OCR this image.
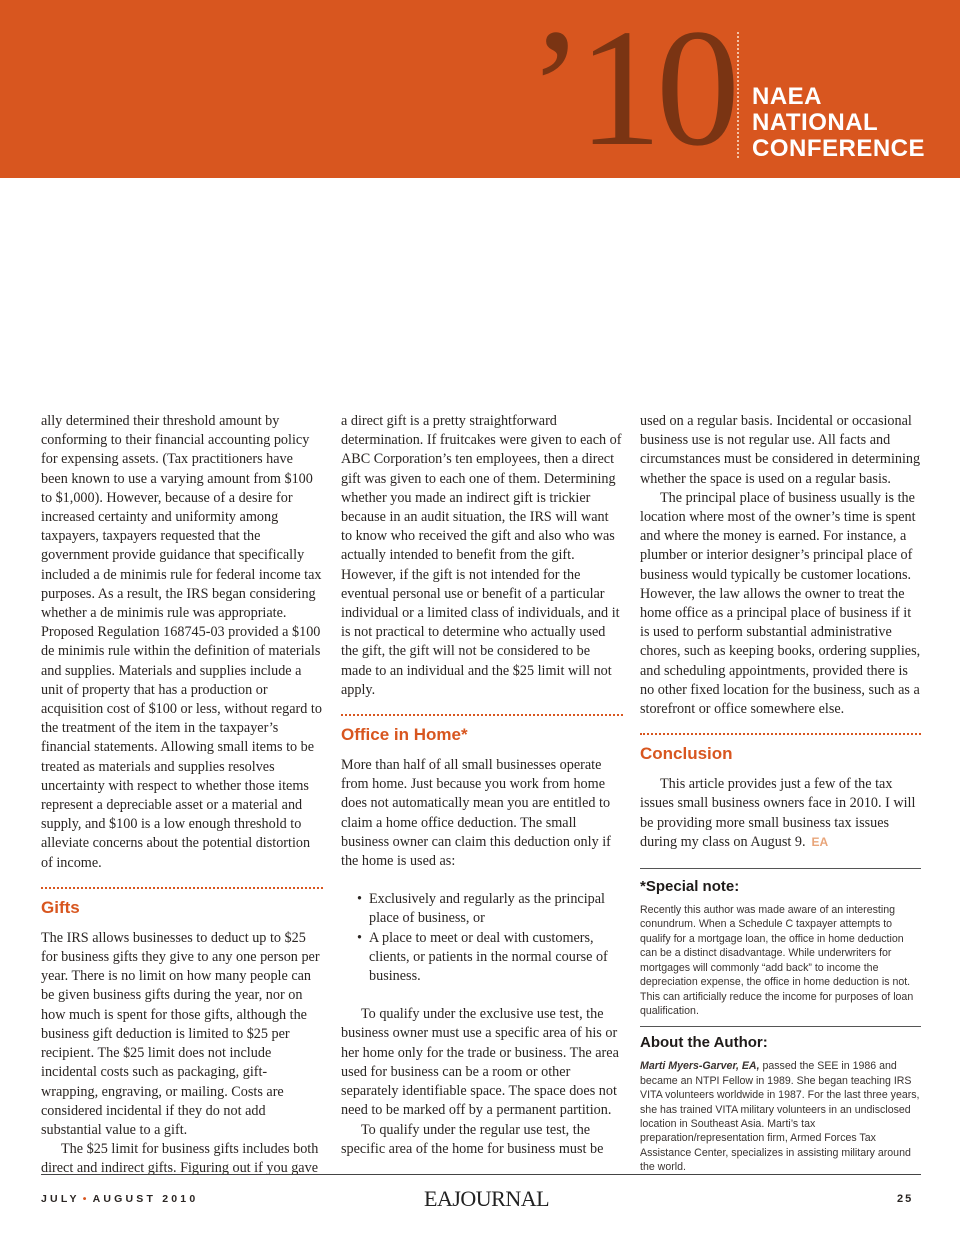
’10 NAEA
NATIONAL
CONFERENCE

ally determined their threshold amount by conforming to their financial accounting policy for expensing assets. (Tax practitioners have been known to use a varying amount from $100 to $1,000). However, because of a desire for increased certainty and uniformity among taxpayers, taxpayers requested that the government provide guidance that specifically included a de minimis rule for federal income tax purposes. As a result, the IRS began considering whether a de minimis rule was appropriate. Proposed Regulation 168745-03 provided a $100 de minimis rule within the definition of materials and supplies. Materials and supplies include a unit of property that has a production or acquisition cost of $100 or less, without regard to the treatment of the item in the taxpayer’s financial statements. Allowing small items to be treated as materials and supplies resolves uncertainty with respect to whether those items represent a depreciable asset or a material and supply, and $100 is a low enough threshold to alleviate concerns about the potential distortion of income.

Gifts

The IRS allows businesses to deduct up to $25 for business gifts they give to any one person per year. There is no limit on how many people can be given business gifts during the year, nor on how much is spent for those gifts, although the business gift deduction is limited to $25 per recipient. The $25 limit does not include incidental costs such as packaging, gift-wrapping, engraving, or mailing. Costs are considered incidental if they do not add substantial value to a gift.

The $25 limit for business gifts includes both direct and indirect gifts. Figuring out if you gave

a direct gift is a pretty straightforward determination. If fruitcakes were given to each of ABC Corporation’s ten employees, then a direct gift was given to each one of them. Determining whether you made an indirect gift is trickier because in an audit situation, the IRS will want to know who received the gift and also who was actually intended to benefit from the gift. However, if the gift is not intended for the eventual personal use or benefit of a particular individual or a limited class of individuals, and it is not practical to determine who actually used the gift, the gift will not be considered to be made to an individual and the $25 limit will not apply.

Office in Home*

More than half of all small businesses operate from home. Just because you work from home does not automatically mean you are entitled to claim a home office deduction. The small business owner can claim this deduction only if the home is used as:

• Exclusively and regularly as the principal place of business, or
• A place to meet or deal with customers, clients, or patients in the normal course of business.

To qualify under the exclusive use test, the business owner must use a specific area of his or her home only for the trade or business. The area used for business can be a room or other separately identifiable space. The space does not need to be marked off by a permanent partition.

To qualify under the regular use test, the specific area of the home for business must be

used on a regular basis. Incidental or occasional business use is not regular use. All facts and circumstances must be considered in determining whether the space is used on a regular basis.

The principal place of business usually is the location where most of the owner’s time is spent and where the money is earned. For instance, a plumber or interior designer’s principal place of business would typically be customer locations. However, the law allows the owner to treat the home office as a principal place of business if it is used to perform substantial administrative chores, such as keeping books, ordering supplies, and scheduling appointments, provided there is no other fixed location for the business, such as a storefront or office somewhere else.

Conclusion

This article provides just a few of the tax issues small business owners face in 2010. I will be providing more small business tax issues during my class on August 9. EA

*Special note:
Recently this author was made aware of an interesting conundrum. When a Schedule C taxpayer attempts to qualify for a mortgage loan, the office in home deduction can be a distinct disadvantage. While underwriters for mortgages will commonly “add back” to income the depreciation expense, the office in home deduction is not. This can artificially reduce the income for purposes of loan qualification.
About the Author:
Marti Myers-Garver, EA, passed the SEE in 1986 and became an NTPI Fellow in 1989. She began teaching IRS VITA volunteers worldwide in 1987. For the last three years, she has trained VITA military volunteers in an undisclosed location in Southeast Asia. Marti’s tax preparation/representation firm, Armed Forces Tax Assistance Center, specializes in assisting military around the world.
JULY • AUGUST 2010	EAJOURNAL	25
